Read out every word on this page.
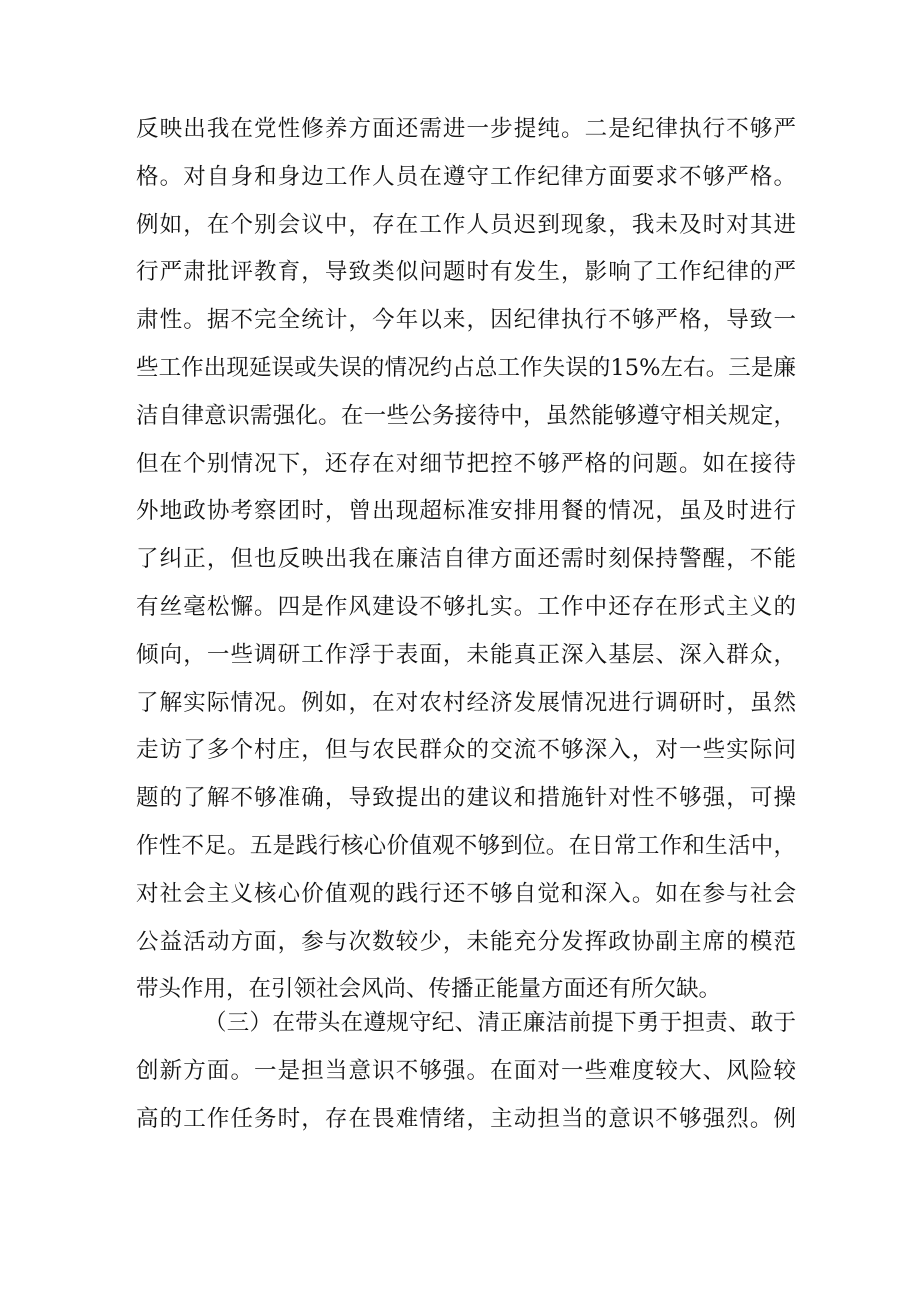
反映出我在党性修养方面还需进一步提纯。二是纪律执行不够严
格。对自身和身边工作人员在遵守工作纪律方面要求不够严格。
例如，在个别会议中，存在工作人员迟到现象，我未及时对其进
行严肃批评教育，导致类似问题时有发生，影响了工作纪律的严
肃性。据不完全统计，今年以来，因纪律执行不够严格，导致一
些工作出现延误或失误的情况约占总工作失误的15%左右。三是廉
洁自律意识需强化。在一些公务接待中，虽然能够遵守相关规定，
但在个别情况下，还存在对细节把控不够严格的问题。如在接待
外地政协考察团时，曾出现超标准安排用餐的情况，虽及时进行
了纠正，但也反映出我在廉洁自律方面还需时刻保持警醒，不能
有丝毫松懈。四是作风建设不够扎实。工作中还存在形式主义的
倾向，一些调研工作浮于表面，未能真正深入基层、深入群众，
了解实际情况。例如，在对农村经济发展情况进行调研时，虽然
走访了多个村庄，但与农民群众的交流不够深入，对一些实际问
题的了解不够准确，导致提出的建议和措施针对性不够强，可操
作性不足。五是践行核心价值观不够到位。在日常工作和生活中，
对社会主义核心价值观的践行还不够自觉和深入。如在参与社会
公益活动方面，参与次数较少，未能充分发挥政协副主席的模范
带头作用，在引领社会风尚、传播正能量方面还有所欠缺。
（三）在带头在遵规守纪、清正廉洁前提下勇于担责、敢于
创新方面。一是担当意识不够强。在面对一些难度较大、风险较
高的工作任务时，存在畏难情绪，主动担当的意识不够强烈。例
